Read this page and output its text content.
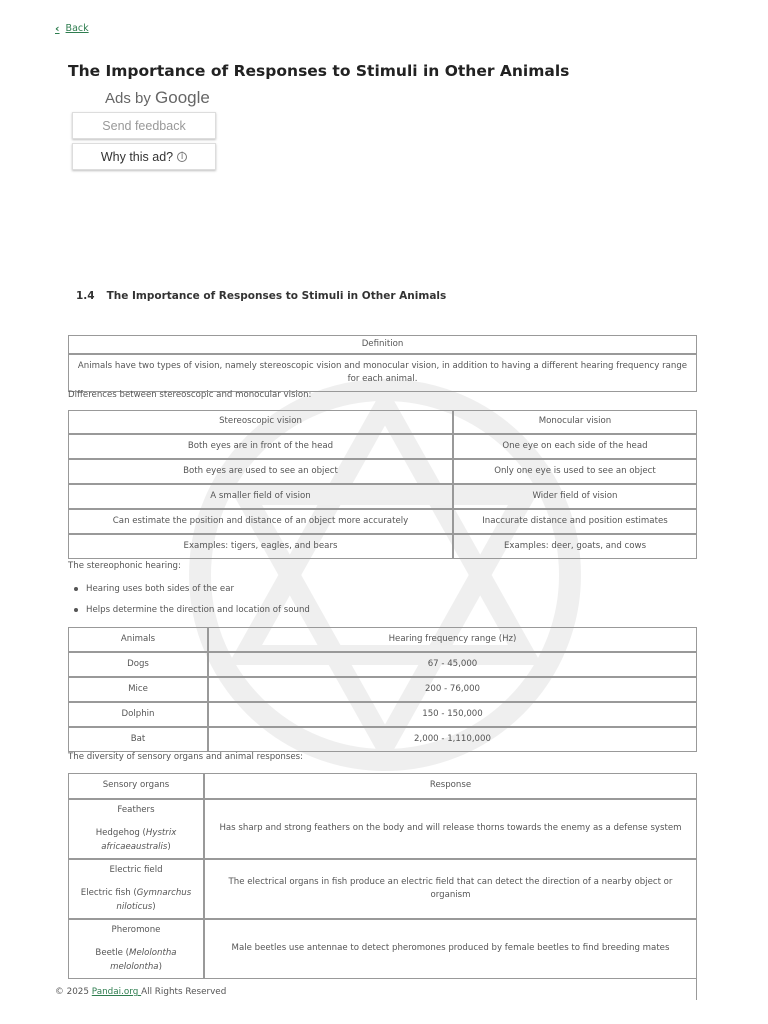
‹ Back
The Importance of Responses to Stimuli in Other Animals
Ads by Google
Send feedback
Why this ad? i
1.4 The Importance of Responses to Stimuli in Other Animals
Definition
Animals have two types of vision, namely stereoscopic vision and monocular vision, in addition to having a different hearing frequency range for each animal.
Differences between stereoscopic and monocular vision:
Stereoscopic vision	Monocular vision
Both eyes are in front of the head	One eye on each side of the head
Both eyes are used to see an object	Only one eye is used to see an object
A smaller field of vision	Wider field of vision
Can estimate the position and distance of an object more accurately	Inaccurate distance and position estimates
Examples: tigers, eagles, and bears	Examples: deer, goats, and cows
The stereophonic hearing:
Hearing uses both sides of the ear
Helps determine the direction and location of sound
Animals	Hearing frequency range (Hz)
Dogs	67 - 45,000
Mice	200 - 76,000
Dolphin	150 - 150,000
Bat	2,000 - 1,110,000
The diversity of sensory organs and animal responses:
Sensory organs	Response

Feathers
Hedgehog (Hystrix africaeaustralis)	Has sharp and strong feathers on the body and will release thorns towards the enemy as a defense system

Electric field
Electric fish (Gymnarchus niloticus)	The electrical organs in fish produce an electric field that can detect the direction of a nearby object or organism

Pheromone
Beetle (Melolontha melolontha)	Male beetles use antennae to detect pheromones produced by female beetles to find breeding mates
© 2025 Pandai.org All Rights Reserved
